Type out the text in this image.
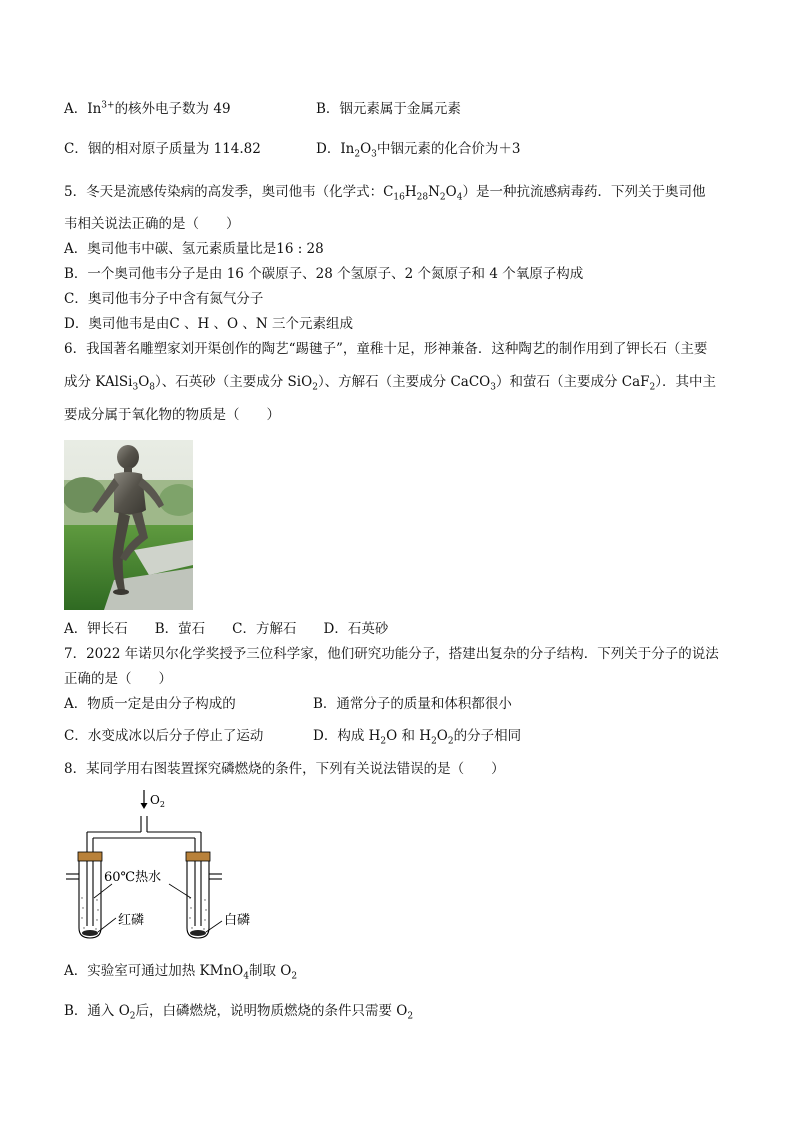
A．$In^{3+}$的核外电子数为 49	B．铟元素属于金属元素
C．铟的相对原子质量为 114.82	D．$In_2O_3$中铟元素的化合价为＋3
5．冬天是流感传染病的高发季，奥司他韦（化学式：$C_{16}H_{28}N_2O_4$）是一种抗流感病毒药．下列关于奥司他
韦相关说法正确的是（　　）
A．奥司他韦中碳、氢元素质量比是16 : 28
B．一个奥司他韦分子是由 16 个碳原子、28 个氢原子、2 个氮原子和 4 个氧原子构成
C．奥司他韦分子中含有氮气分子
D．奥司他韦是由C 、H 、O 、N 三个元素组成
6．我国著名雕塑家刘开渠创作的陶艺“踢毽子”，童稚十足，形神兼备．这种陶艺的制作用到了钾长石（主要
成分 $KAlSi_3O_8$）、石英砂（主要成分 SiO$_2$）、方解石（主要成分 CaCO$_3$）和萤石（主要成分 CaF$_2$）．其中主
要成分属于氧化物的物质是（　　）
A．钾长石　　B．萤石　　C．方解石　　D．石英砂
7．2022 年诺贝尔化学奖授予三位科学家，他们研究功能分子，搭建出复杂的分子结构．下列关于分子的说法
正确的是（　　）
A．物质一定是由分子构成的	B．通常分子的质量和体积都很小
C．水变成冰以后分子停止了运动	D．构成 $H_2O$ 和 $H_2O_2$的分子相同
8．某同学用右图装置探究磷燃烧的条件，下列有关说法错误的是（　　）
$O_2$
60℃热水
红磷	白磷
A．实验室可通过加热 KMnO$_4$制取 $O_2$
B．通入 $O_2$后，白磷燃烧，说明物质燃烧的条件只需要 $O_2$
